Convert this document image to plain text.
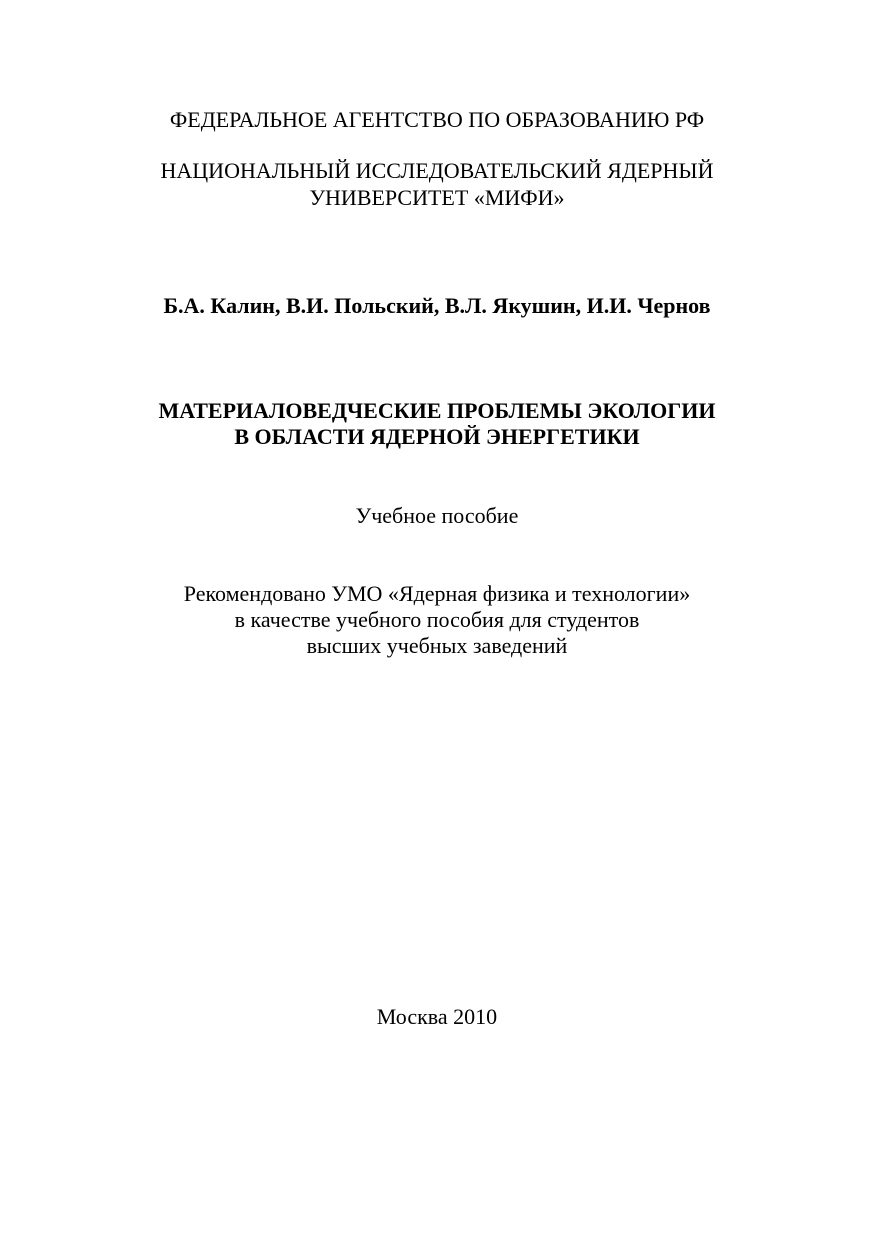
ФЕДЕРАЛЬНОЕ АГЕНТСТВО ПО ОБРАЗОВАНИЮ РФ
НАЦИОНАЛЬНЫЙ ИССЛЕДОВАТЕЛЬСКИЙ ЯДЕРНЫЙ
УНИВЕРСИТЕТ «МИФИ»
Б.А. Калин, В.И. Польский, В.Л. Якушин, И.И. Чернов
МАТЕРИАЛОВЕДЧЕСКИЕ ПРОБЛЕМЫ ЭКОЛОГИИ
В ОБЛАСТИ ЯДЕРНОЙ ЭНЕРГЕТИКИ
Учебное пособие
Рекомендовано УМО «Ядерная физика и технологии»
в качестве учебного пособия для студентов
высших учебных заведений
Москва 2010
